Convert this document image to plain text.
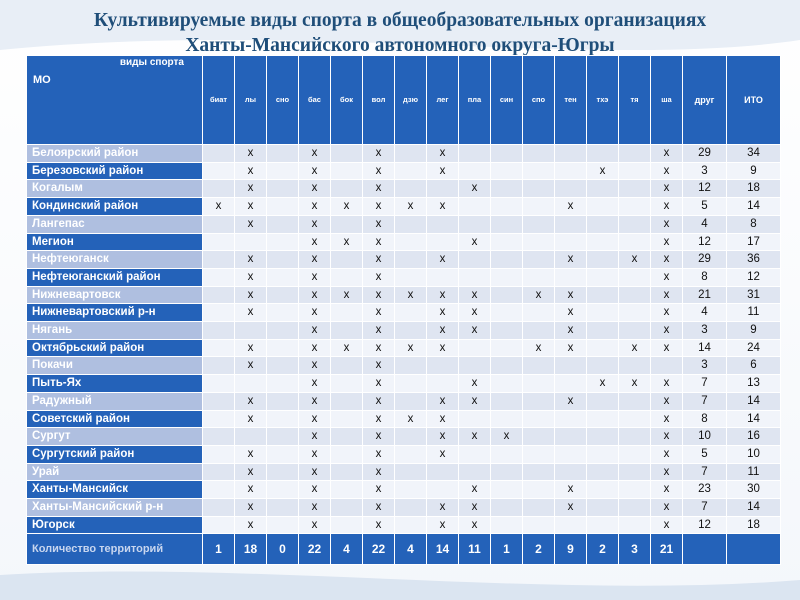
Культивируемые виды спорта в общеобразовательных организациях
Ханты-Мансийского автономного округа-Югры
виды спорта
МО	биат	лы	сно	бас	бок	вол	дзю	лег	пла	син	спо	тен	тхэ	тя	ша	друг	ИТО
Белоярский район		х		х		х		х							х	29	34
Березовский район		х		х		х		х					х		х	3	9
Когалым		х		х		х			х						х	12	18
Кондинский район	х	х		х	х	х	х	х				х			х	5	14
Лангепас		х		х		х									х	4	8
Мегион				х	х	х			х						х	12	17
Нефтеюганск		х		х		х		х				х		х	х	29	36
Нефтеюганский район		х		х		х									х	8	12
Нижневартовск		х		х	х	х	х	х	х		х	х			х	21	31
Нижневартовский р-н		х		х		х		х	х			х			х	4	11
Нягань				х		х		х	х			х			х	3	9
Октябрьский район		х		х	х	х	х	х			х	х		х	х	14	24
Покачи		х		х		х										3	6
Пыть-Ях				х		х			х				х	х	х	7	13
Радужный		х		х		х		х	х			х			х	7	14
Советский район		х		х		х	х	х							х	8	14
Сургут				х		х		х	х	х					х	10	16
Сургутский район		х		х		х		х							х	5	10
Урай		х		х		х									х	7	11
Ханты-Мансийск		х		х		х			х			х			х	23	30
Ханты-Мансийский р-н		х		х		х		х	х			х			х	7	14
Югорск		х		х		х		х	х						х	12	18
Количество территорий	1	18	0	22	4	22	4	14	11	1	2	9	2	3	21		
